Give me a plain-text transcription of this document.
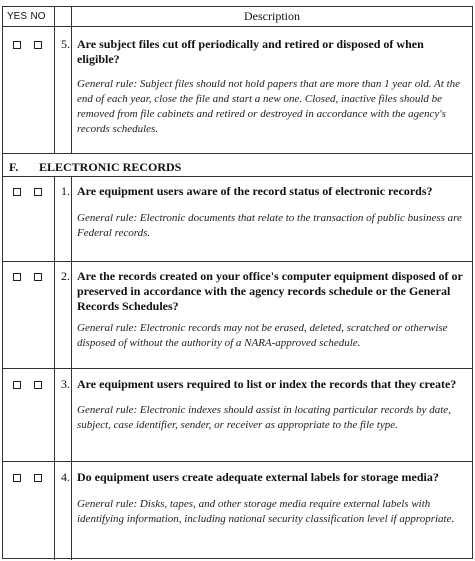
YES NO	Description
5. Are subject files cut off periodically and retired or disposed of when eligible?
General rule: Subject files should not hold papers that are more than 1 year old. At the end of each year, close the file and start a new one. Closed, inactive files should be removed from file cabinets and retired or destroyed in accordance with the agency's records schedules.
F. ELECTRONIC RECORDS
1. Are equipment users aware of the record status of electronic records?
General rule: Electronic documents that relate to the transaction of public business are Federal records.
2. Are the records created on your office's computer equipment disposed of or preserved in accordance with the agency records schedule or the General Records Schedules?
General rule: Electronic records may not be erased, deleted, scratched or otherwise disposed of without the authority of a NARA-approved schedule.
3. Are equipment users required to list or index the records that they create?
General rule: Electronic indexes should assist in locating particular records by date, subject, case identifier, sender, or receiver as appropriate to the file type.
4. Do equipment users create adequate external labels for storage media?
General rule: Disks, tapes, and other storage media require external labels with identifying information, including national security classification level if appropriate.
